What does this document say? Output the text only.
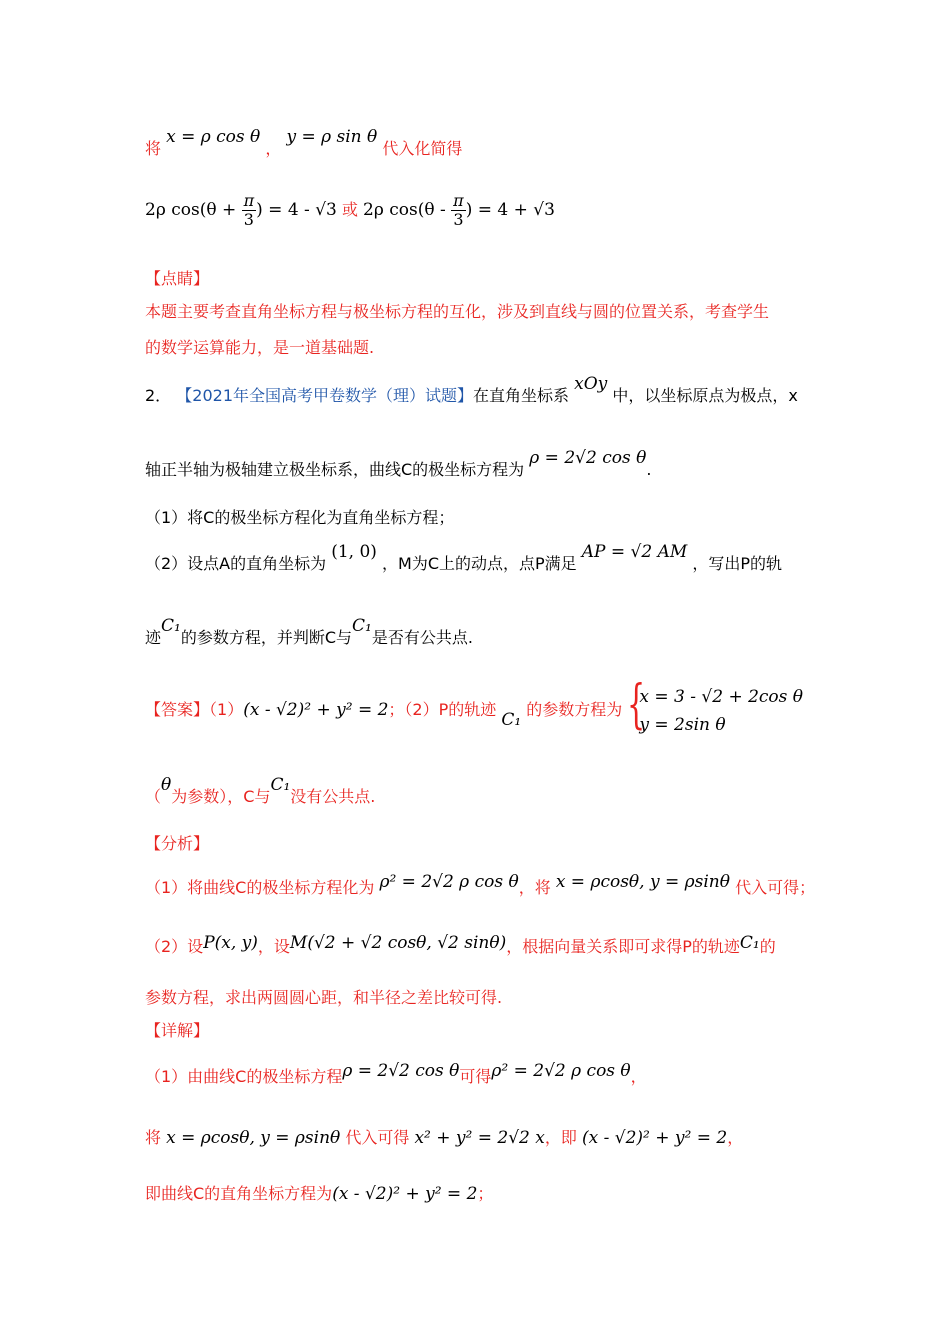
将 x = ρ cos θ ， y = ρ sin θ 代入化简得
2ρ $\cos(\theta + \frac{\pi}{3}$ ) = 4 - √3 或 2ρ $\cos(\theta - \frac{\pi}{3}$ ) = 4 + √3
【点睛】
本题主要考查直角坐标方程与极坐标方程的互化，涉及到直线与圆的位置关系，考查学生
的数学运算能力，是一道基础题.
2． 【2021年全国高考甲卷数学（理）试题】在直角坐标系 xOy 中，以坐标原点为极点，x
轴正半轴为极轴建立极坐标系，曲线C的极坐标方程为 ρ = 2√2 cos θ.
（1）将C的极坐标方程化为直角坐标方程；
（2）设点A的直角坐标为 (1, 0) ，M为C上的动点，点P满足 AP = √2 AM ，写出P的轨
迹C₁的参数方程，并判断C与C₁是否有公共点.
【答案】（1）(x - √2)² + y² = 2；（2）P的轨迹 C₁ 的参数方程为 {
x = 3 - √2 + 2cos θ
y = 2sin θ
（θ为参数），C与C₁没有公共点.
【分析】
（1）将曲线C的极坐标方程化为 ρ² = 2√2 ρ cos θ，将 x = ρcosθ, y = ρsinθ 代入可得；
（2）设P(x, y)，设M(√2 + √2 cosθ, √2 sinθ)，根据向量关系即可求得P的轨迹C₁的
参数方程，求出两圆圆心距，和半径之差比较可得.
【详解】
（1）由曲线C的极坐标方程ρ = 2√2 cos θ可得ρ² = 2√2 ρ cos θ，
将 x = ρcosθ, y = ρsinθ 代入可得 x² + y² = 2√2 x，即 (x - √2)² + y² = 2，
即曲线C的直角坐标方程为(x - √2)² + y² = 2；
